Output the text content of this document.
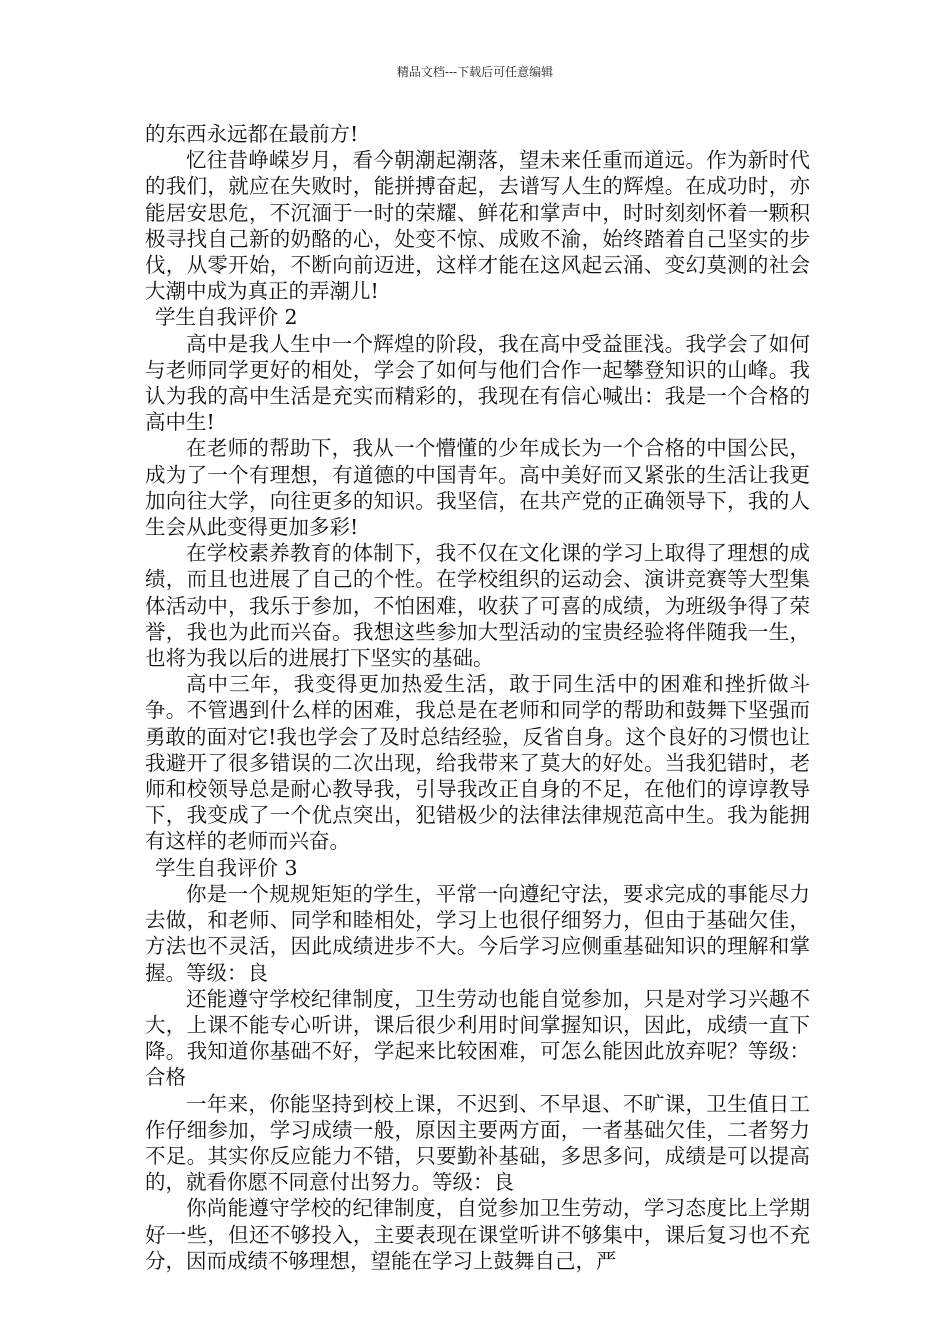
精品文档---下载后可任意编辑

的东西永远都在最前方!

忆往昔峥嵘岁月，看今朝潮起潮落，望未来任重而道远。作为新时代的我们，就应在失败时，能拼搏奋起，去谱写人生的辉煌。在成功时，亦能居安思危，不沉湎于一时的荣耀、鲜花和掌声中，时时刻刻怀着一颗积极寻找自己新的奶酪的心，处变不惊、成败不渝，始终踏着自己坚实的步伐，从零开始，不断向前迈进，这样才能在这风起云涌、变幻莫测的社会大潮中成为真正的弄潮儿!

学生自我评价 2

高中是我人生中一个辉煌的阶段，我在高中受益匪浅。我学会了如何与老师同学更好的相处，学会了如何与他们合作一起攀登知识的山峰。我认为我的高中生活是充实而精彩的，我现在有信心喊出：我是一个合格的高中生!

在老师的帮助下，我从一个懵懂的少年成长为一个合格的中国公民，成为了一个有理想，有道德的中国青年。高中美好而又紧张的生活让我更加向往大学，向往更多的知识。我坚信，在共产党的正确领导下，我的人生会从此变得更加多彩!

在学校素养教育的体制下，我不仅在文化课的学习上取得了理想的成绩，而且也进展了自己的个性。在学校组织的运动会、演讲竞赛等大型集体活动中，我乐于参加，不怕困难，收获了可喜的成绩，为班级争得了荣誉，我也为此而兴奋。我想这些参加大型活动的宝贵经验将伴随我一生，也将为我以后的进展打下坚实的基础。

高中三年，我变得更加热爱生活，敢于同生活中的困难和挫折做斗争。不管遇到什么样的困难，我总是在老师和同学的帮助和鼓舞下坚强而勇敢的面对它!我也学会了及时总结经验，反省自身。这个良好的习惯也让我避开了很多错误的二次出现，给我带来了莫大的好处。当我犯错时，老师和校领导总是耐心教导我，引导我改正自身的不足，在他们的谆谆教导下，我变成了一个优点突出，犯错极少的法律法律规范高中生。我为能拥有这样的老师而兴奋。

学生自我评价 3

你是一个规规矩矩的学生，平常一向遵纪守法，要求完成的事能尽力去做，和老师、同学和睦相处，学习上也很仔细努力，但由于基础欠佳，方法也不灵活，因此成绩进步不大。今后学习应侧重基础知识的理解和掌握。等级：良

还能遵守学校纪律制度，卫生劳动也能自觉参加，只是对学习兴趣不大，上课不能专心听讲，课后很少利用时间掌握知识，因此，成绩一直下降。我知道你基础不好，学起来比较困难，可怎么能因此放弃呢？等级：合格

一年来，你能坚持到校上课，不迟到、不早退、不旷课，卫生值日工作仔细参加，学习成绩一般，原因主要两方面，一者基础欠佳，二者努力不足。其实你反应能力不错，只要勤补基础，多思多问，成绩是可以提高的，就看你愿不同意付出努力。等级：良

你尚能遵守学校的纪律制度，自觉参加卫生劳动，学习态度比上学期好一些，但还不够投入，主要表现在课堂听讲不够集中，课后复习也不充分，因而成绩不够理想，望能在学习上鼓舞自己，严
